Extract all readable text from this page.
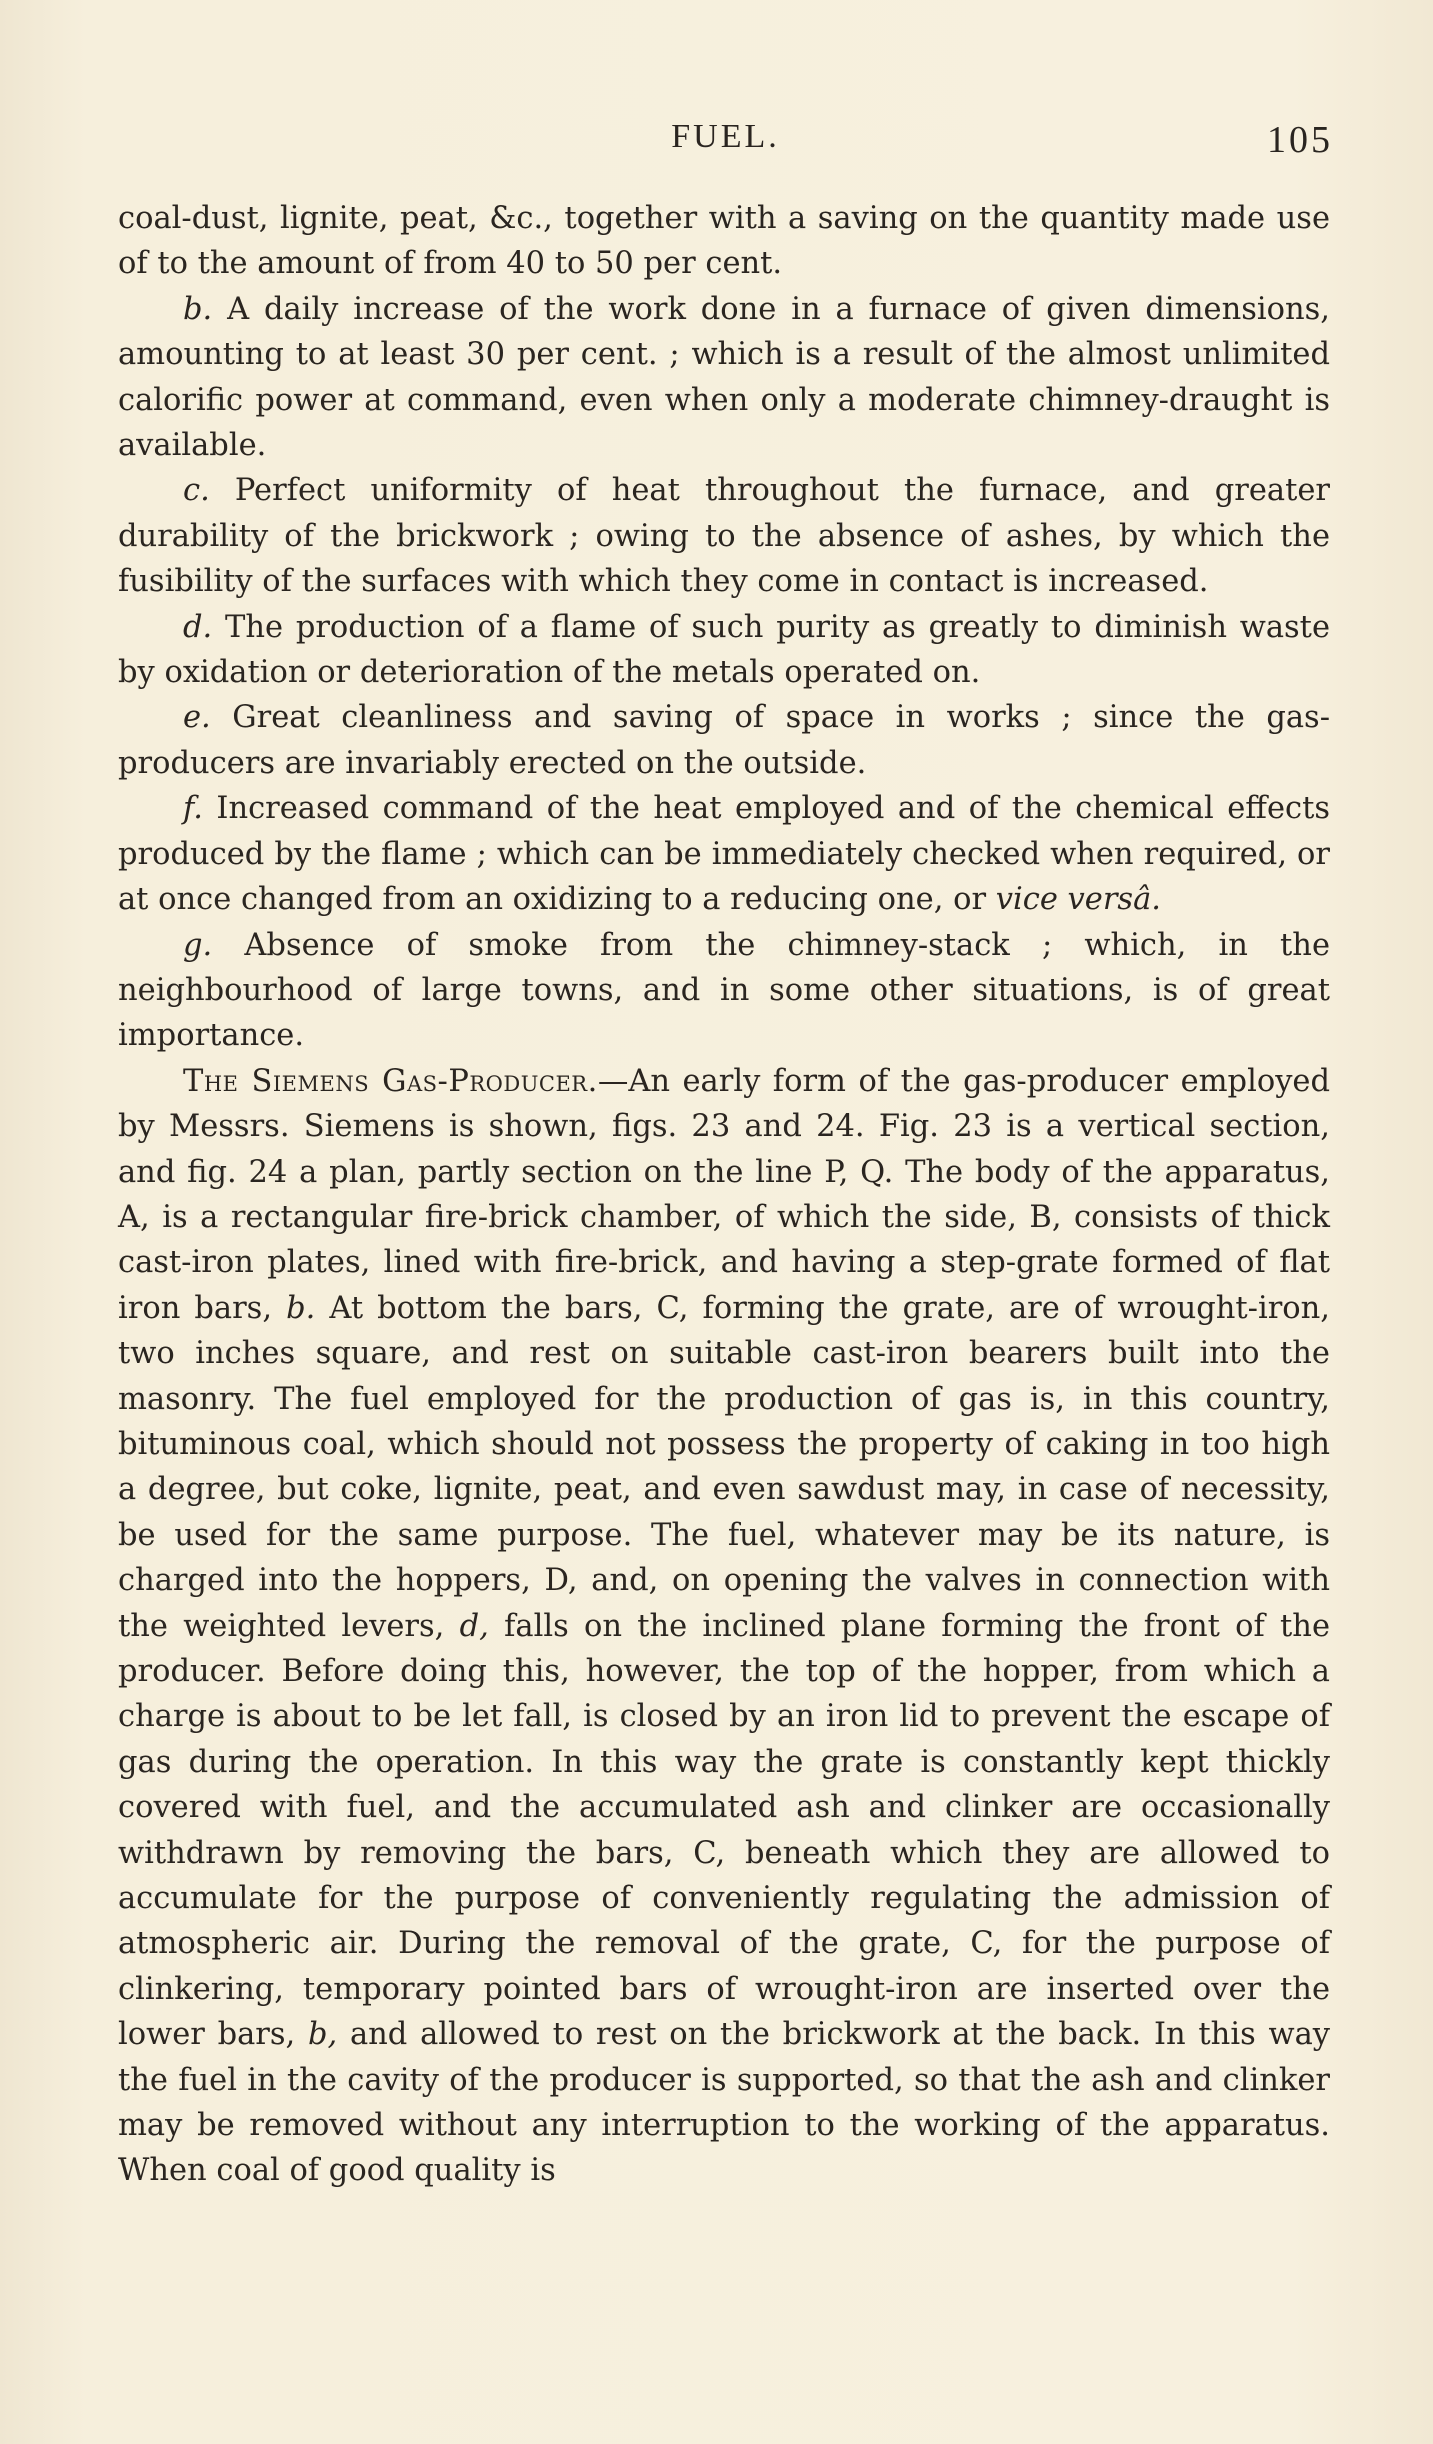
FUEL.	105

coal-dust, lignite, peat, &c., together with a saving on the quantity made use of to the amount of from 40 to 50 per cent.

b. A daily increase of the work done in a furnace of given dimensions, amounting to at least 30 per cent. ; which is a result of the almost unlimited calorific power at command, even when only a moderate chimney-draught is available.

c. Perfect uniformity of heat throughout the furnace, and greater durability of the brickwork ; owing to the absence of ashes, by which the fusibility of the surfaces with which they come in contact is increased.

d. The production of a flame of such purity as greatly to diminish waste by oxidation or deterioration of the metals operated on.

e. Great cleanliness and saving of space in works ; since the gas-producers are invariably erected on the outside.

f. Increased command of the heat employed and of the chemical effects produced by the flame ; which can be immediately checked when required, or at once changed from an oxidizing to a reducing one, or vice versâ.

g. Absence of smoke from the chimney-stack ; which, in the neighbourhood of large towns, and in some other situations, is of great importance.

The Siemens Gas-Producer.—An early form of the gas-producer employed by Messrs. Siemens is shown, figs. 23 and 24. Fig. 23 is a vertical section, and fig. 24 a plan, partly section on the line P, Q. The body of the apparatus, A, is a rectangular fire-brick chamber, of which the side, B, consists of thick cast-iron plates, lined with fire-brick, and having a step-grate formed of flat iron bars, b. At bottom the bars, C, forming the grate, are of wrought-iron, two inches square, and rest on suitable cast-iron bearers built into the masonry. The fuel employed for the production of gas is, in this country, bituminous coal, which should not possess the property of caking in too high a degree, but coke, lignite, peat, and even sawdust may, in case of necessity, be used for the same purpose. The fuel, whatever may be its nature, is charged into the hoppers, D, and, on opening the valves in connection with the weighted levers, d, falls on the inclined plane forming the front of the producer. Before doing this, however, the top of the hopper, from which a charge is about to be let fall, is closed by an iron lid to prevent the escape of gas during the operation. In this way the grate is constantly kept thickly covered with fuel, and the accumulated ash and clinker are occasionally withdrawn by removing the bars, C, beneath which they are allowed to accumulate for the purpose of conveniently regulating the admission of atmospheric air. During the removal of the grate, C, for the purpose of clinkering, temporary pointed bars of wrought-iron are inserted over the lower bars, b, and allowed to rest on the brickwork at the back. In this way the fuel in the cavity of the producer is supported, so that the ash and clinker may be removed without any interruption to the working of the apparatus. When coal of good quality is
